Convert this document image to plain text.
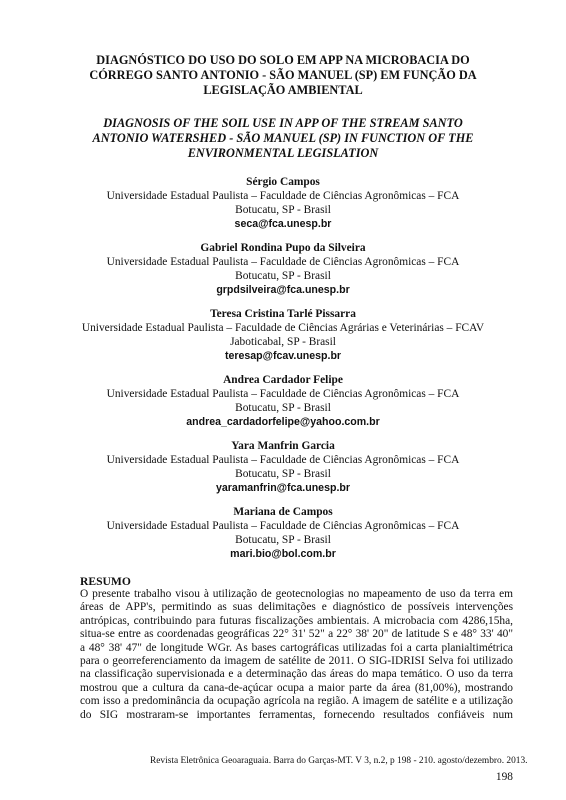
DIAGNÓSTICO DO USO DO SOLO EM APP NA MICROBACIA DO
CÓRREGO SANTO ANTONIO - SÃO MANUEL (SP) EM FUNÇÃO DA
LEGISLAÇÃO AMBIENTAL
DIAGNOSIS OF THE SOIL USE IN APP OF THE STREAM SANTO
ANTONIO WATERSHED - SÃO MANUEL (SP) IN FUNCTION OF THE
ENVIRONMENTAL LEGISLATION
Sérgio Campos
Universidade Estadual Paulista – Faculdade de Ciências Agronômicas – FCA
Botucatu, SP - Brasil
seca@fca.unesp.br
Gabriel Rondina Pupo da Silveira
Universidade Estadual Paulista – Faculdade de Ciências Agronômicas – FCA
Botucatu, SP - Brasil
grpdsilveira@fca.unesp.br
Teresa Cristina Tarlé Pissarra
Universidade Estadual Paulista – Faculdade de Ciências Agrárias e Veterinárias – FCAV
Jaboticabal, SP - Brasil
teresap@fcav.unesp.br
Andrea Cardador Felipe
Universidade Estadual Paulista – Faculdade de Ciências Agronômicas – FCA
Botucatu, SP - Brasil
andrea_cardadorfelipe@yahoo.com.br
Yara Manfrin Garcia
Universidade Estadual Paulista – Faculdade de Ciências Agronômicas – FCA
Botucatu, SP - Brasil
yaramanfrin@fca.unesp.br
Mariana de Campos
Universidade Estadual Paulista – Faculdade de Ciências Agronômicas – FCA
Botucatu, SP - Brasil
mari.bio@bol.com.br
RESUMO
O presente trabalho visou à utilização de geotecnologias no mapeamento de uso da terra em
áreas de APP's, permitindo as suas delimitações e diagnóstico de possíveis intervenções
antrópicas, contribuindo para futuras fiscalizações ambientais. A microbacia com 4286,15ha,
situa-se entre as coordenadas geográficas 22° 31' 52" a 22° 38' 20" de latitude S e 48° 33' 40"
a 48° 38' 47" de longitude WGr. As bases cartográficas utilizadas foi a carta planialtimétrica
para o georreferenciamento da imagem de satélite de 2011. O SIG-IDRISI Selva foi utilizado
na classificação supervisionada e a determinação das áreas do mapa temático. O uso da terra
mostrou que a cultura da cana-de-açúcar ocupa a maior parte da área (81,00%), mostrando
com isso a predominância da ocupação agrícola na região. A imagem de satélite e a utilização
do SIG mostraram-se importantes ferramentas, fornecendo resultados confiáveis num
Revista Eletrônica Geoaraguaia. Barra do Garças-MT. V 3, n.2, p 198 - 210. agosto/dezembro. 2013.
198
